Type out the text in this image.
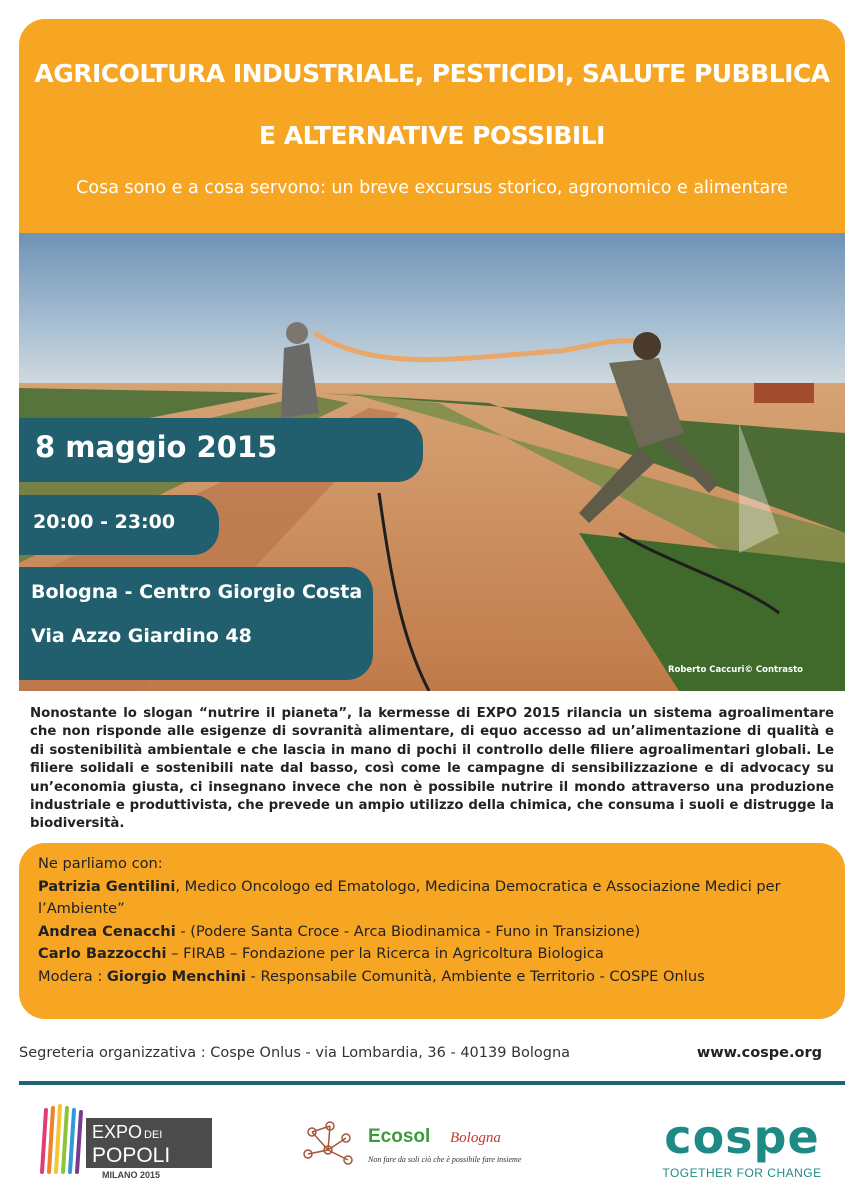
AGRICOLTURA INDUSTRIALE, PESTICIDI, SALUTE PUBBLICA
E ALTERNATIVE POSSIBILI
Cosa sono e a cosa servono: un breve excursus storico, agronomico e alimentare
Roberto Caccuri© Contrasto
8 maggio 2015
20:00 - 23:00
Bologna - Centro Giorgio Costa
Via Azzo Giardino 48
Nonostante lo slogan “nutrire il pianeta”, la kermesse di EXPO 2015 rilancia un sistema agroalimentare che non risponde alle esigenze di sovranità alimentare, di equo accesso ad un’alimentazione di qualità e di sostenibilità ambientale e che lascia in mano di pochi il controllo delle filiere agroalimentari globali. Le filiere solidali e sostenibili nate dal basso, così come le campagne di sensibilizzazione e di advocacy su un’economia giusta, ci insegnano invece che non è possibile nutrire il mondo attraverso una produzione industriale e produttivista, che prevede un ampio utilizzo della chimica, che consuma i suoli e distrugge la biodiversità.
Ne parliamo con:
Patrizia Gentilini, Medico Oncologo ed Ematologo, Medicina Democratica e Associazione Medici per l’Ambiente”
Andrea Cenacchi - (Podere Santa Croce - Arca Biodinamica - Funo in Transizione)
Carlo Bazzocchi – FIRAB – Fondazione per la Ricerca in Agricoltura Biologica
Modera : Giorgio Menchini - Responsabile Comunità, Ambiente e Territorio - COSPE Onlus
Segreteria organizzativa : Cospe Onlus - via Lombardia, 36 - 40139 Bologna	www.cospe.org
EXPO DEI
POPOLI
MILANO 2015
Ecosol Bologna
Non fare da soli ciò che è possibile fare insieme	cospe
TOGETHER FOR CHANGE
